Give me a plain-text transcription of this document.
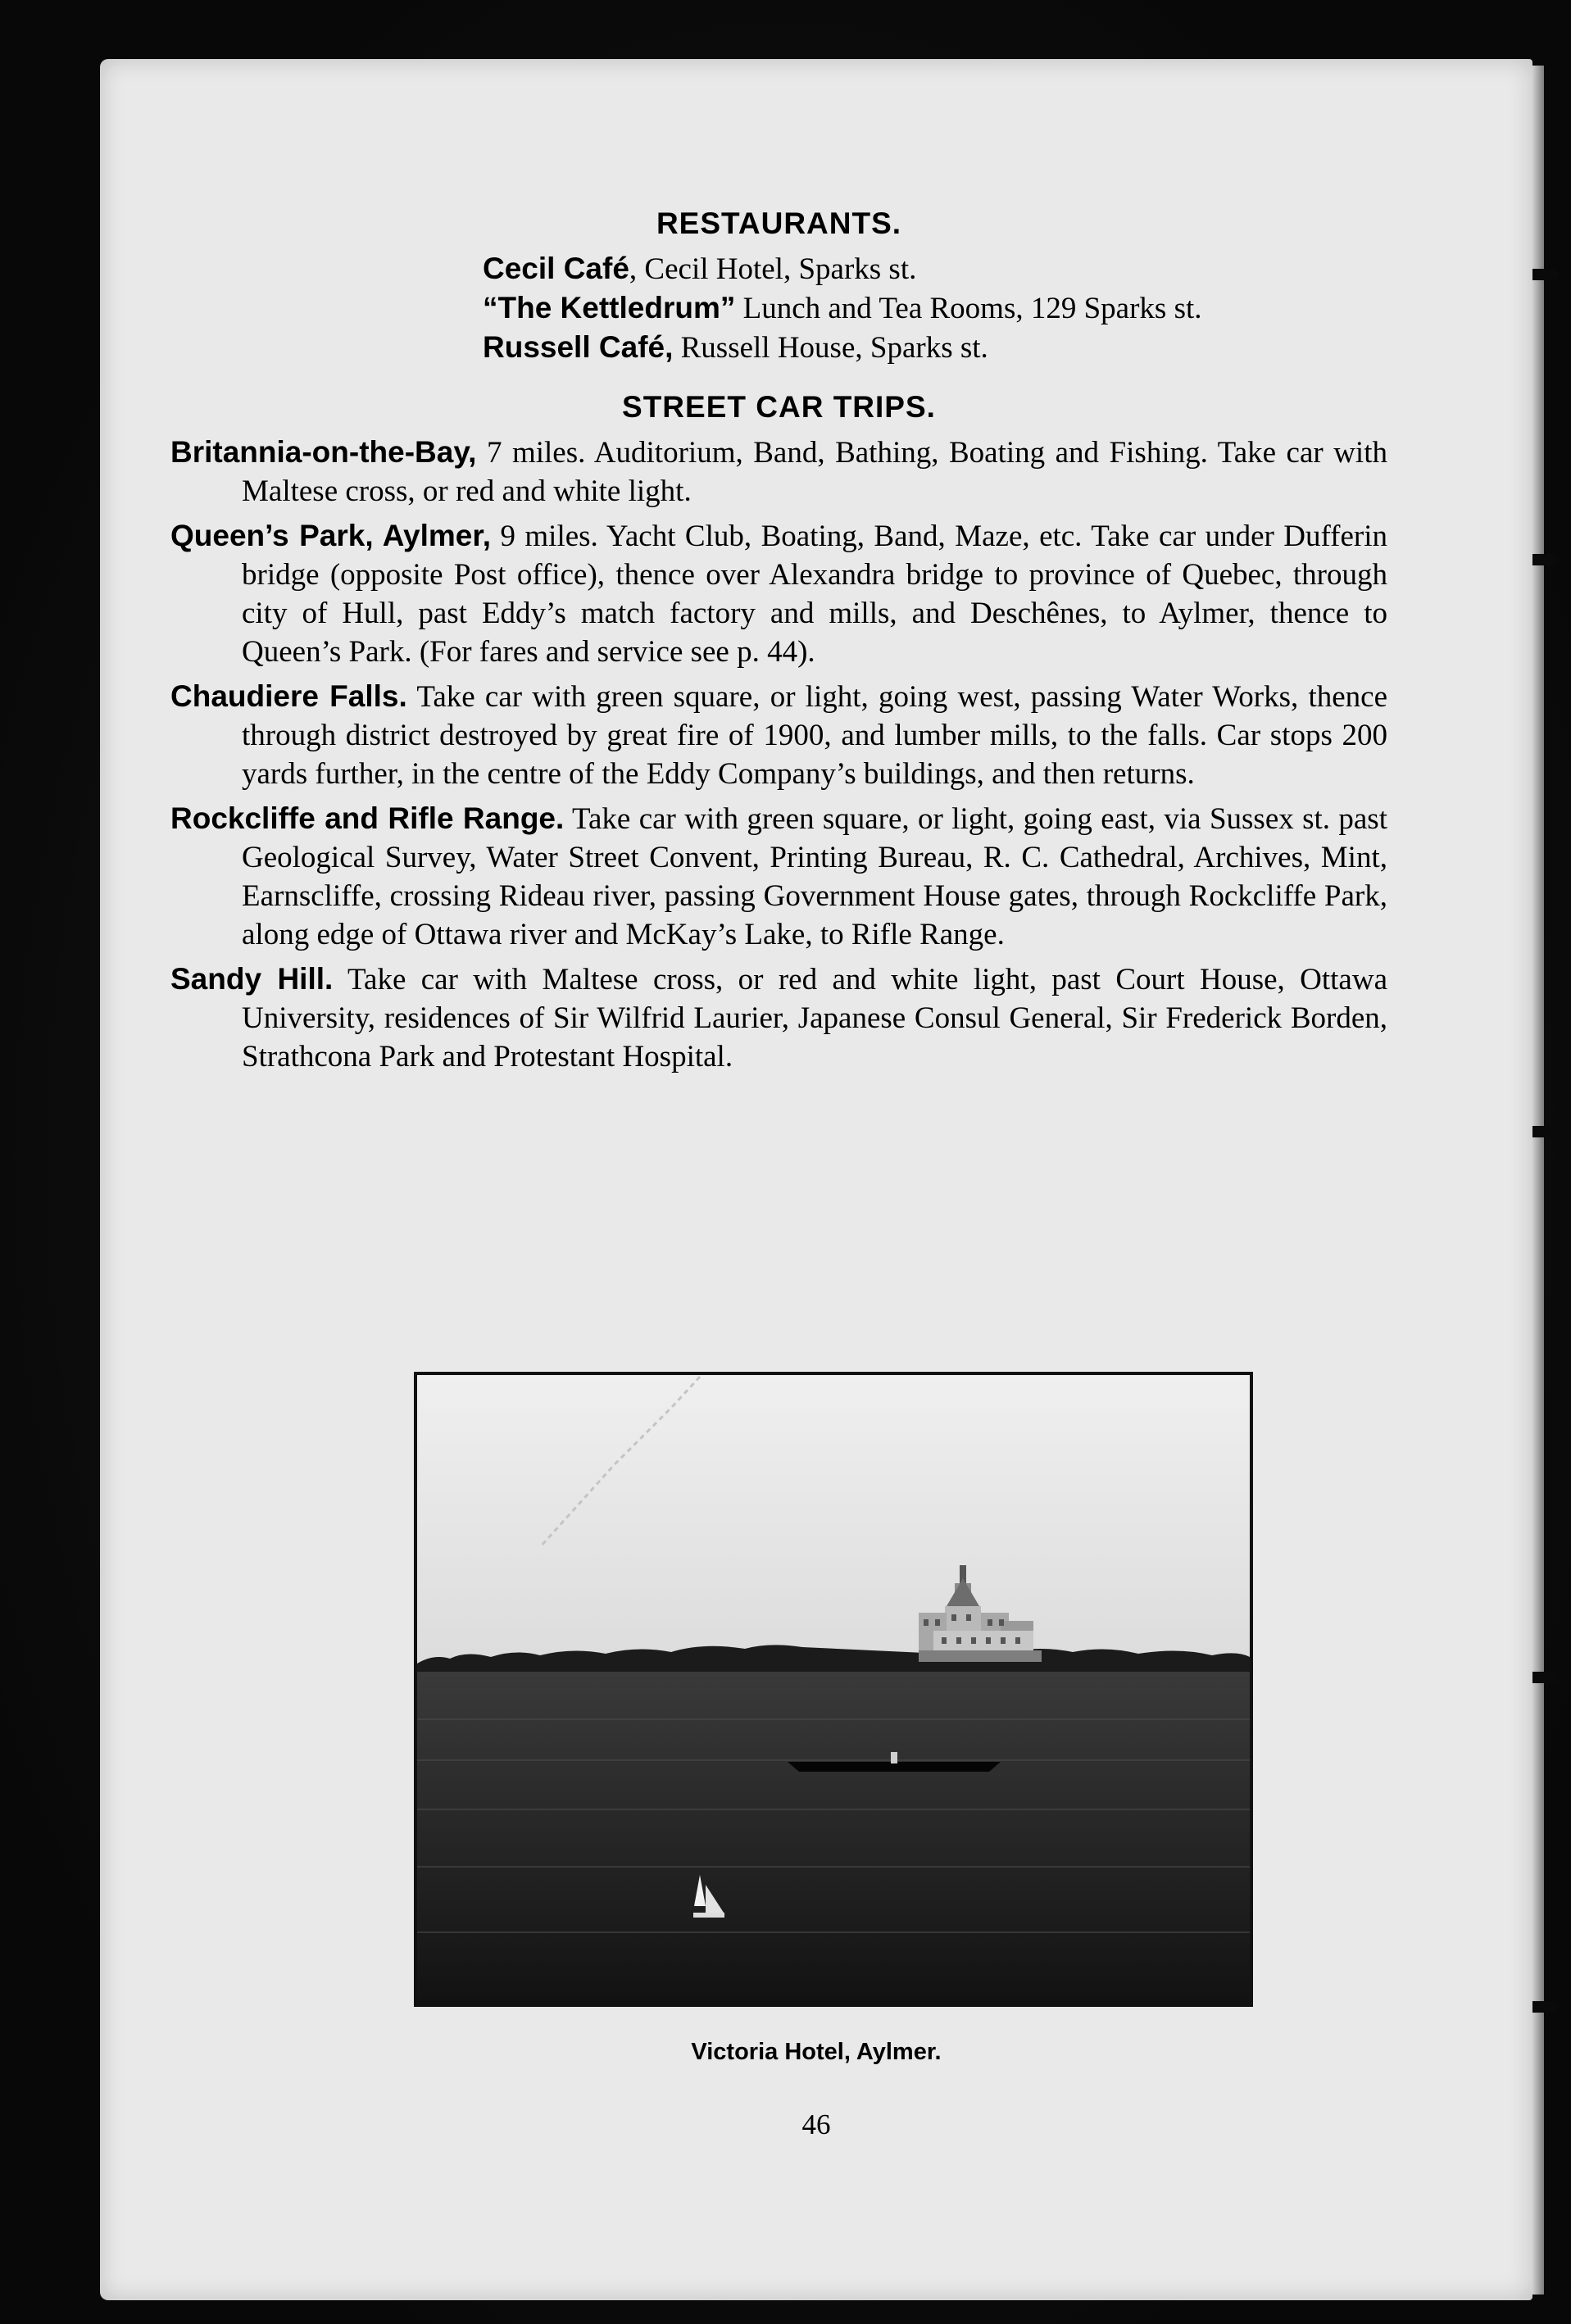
RESTAURANTS.
Cecil Café, Cecil Hotel, Sparks st.
“The Kettledrum” Lunch and Tea Rooms, 129 Sparks st.
Russell Café, Russell House, Sparks st.
STREET CAR TRIPS.

Britannia-on-the-Bay, 7 miles. Auditorium, Band, Bathing, Boating and Fishing. Take car with Maltese cross, or red and white light.

Queen’s Park, Aylmer, 9 miles. Yacht Club, Boating, Band, Maze, etc. Take car under Dufferin bridge (opposite Post office), thence over Alexandra bridge to province of Quebec, through city of Hull, past Eddy’s match factory and mills, and Deschênes, to Aylmer, thence to Queen’s Park. (For fares and service see p. 44).

Chaudiere Falls. Take car with green square, or light, going west, passing Water Works, thence through district destroyed by great fire of 1900, and lumber mills, to the falls. Car stops 200 yards further, in the centre of the Eddy Company’s buildings, and then returns.

Rockcliffe and Rifle Range. Take car with green square, or light, going east, via Sussex st. past Geological Survey, Water Street Convent, Printing Bureau, R. C. Cathedral, Archives, Mint, Earnscliffe, crossing Rideau river, passing Government House gates, through Rockcliffe Park, along edge of Ottawa river and McKay’s Lake, to Rifle Range.

Sandy Hill. Take car with Maltese cross, or red and white light, past Court House, Ottawa University, residences of Sir Wilfrid Laurier, Japanese Consul General, Sir Frederick Borden, Strathcona Park and Protestant Hospital.

Victoria Hotel, Aylmer.
46
